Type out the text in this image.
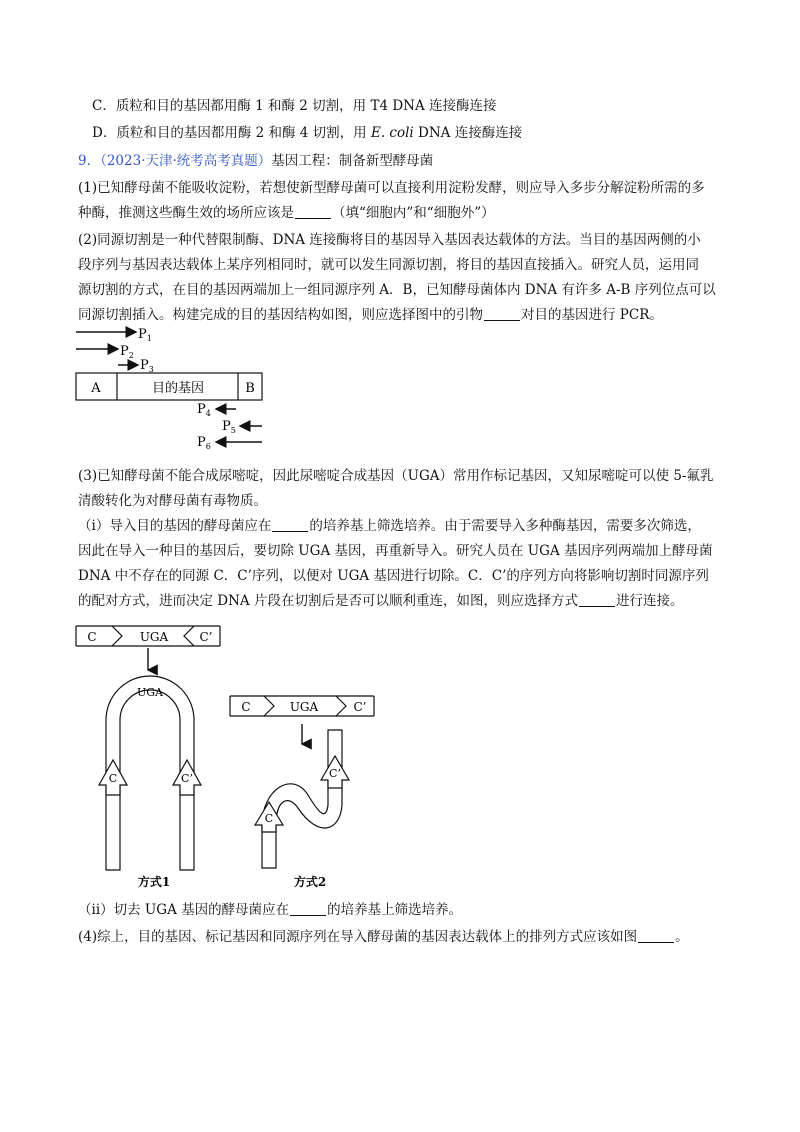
C．质粒和目的基因都用酶 1 和酶 2 切割，用 T4 DNA 连接酶连接
D．质粒和目的基因都用酶 2 和酶 4 切割，用 E. coli DNA 连接酶连接
9．（2023·天津·统考高考真题）基因工程：制备新型酵母菌
(1)已知酵母菌不能吸收淀粉，若想使新型酵母菌可以直接利用淀粉发酵，则应导入多步分解淀粉所需的多
种酶，推测这些酶生效的场所应该是	（填“细胞内”和“细胞外”）
(2)同源切割是一种代替限制酶、DNA 连接酶将目的基因导入基因表达载体的方法。当目的基因两侧的小
段序列与基因表达载体上某序列相同时，就可以发生同源切割，将目的基因直接插入。研究人员，运用同
源切割的方式，在目的基因两端加上一组同源序列 A．B，已知酵母菌体内 DNA 有许多 A-B 序列位点可以
同源切割插入。构建完成的目的基因结构如图，则应选择图中的引物	对目的基因进行 PCR。
$P_1$
$P_2$
$P_3$
A	目的基因	B
$P_4$
$P_5$
$P_6$
(3)已知酵母菌不能合成尿嘧啶，因此尿嘧啶合成基因（UGA）常用作标记基因，又知尿嘧啶可以使 5-氟乳
清酸转化为对酵母菌有毒物质。
（i）导入目的基因的酵母菌应在	的培养基上筛选培养。由于需要导入多种酶基因，需要多次筛选，
因此在导入一种目的基因后，要切除 UGA 基因，再重新导入。研究人员在 UGA 基因序列两端加上酵母菌
DNA 中不存在的同源 C．C’序列，以便对 UGA 基因进行切除。C．C’的序列方向将影响切割时同源序列
的配对方式，进而决定 DNA 片段在切割后是否可以顺利重连，如图，则应选择方式	进行连接。
C	UGA	C’
UGA
C	C’
方式1
C	UGA	C’
C’
C
方式2
（ii）切去 UGA 基因的酵母菌应在	的培养基上筛选培养。
(4)综上，目的基因、标记基因和同源序列在导入酵母菌的基因表达载体上的排列方式应该如图	。
